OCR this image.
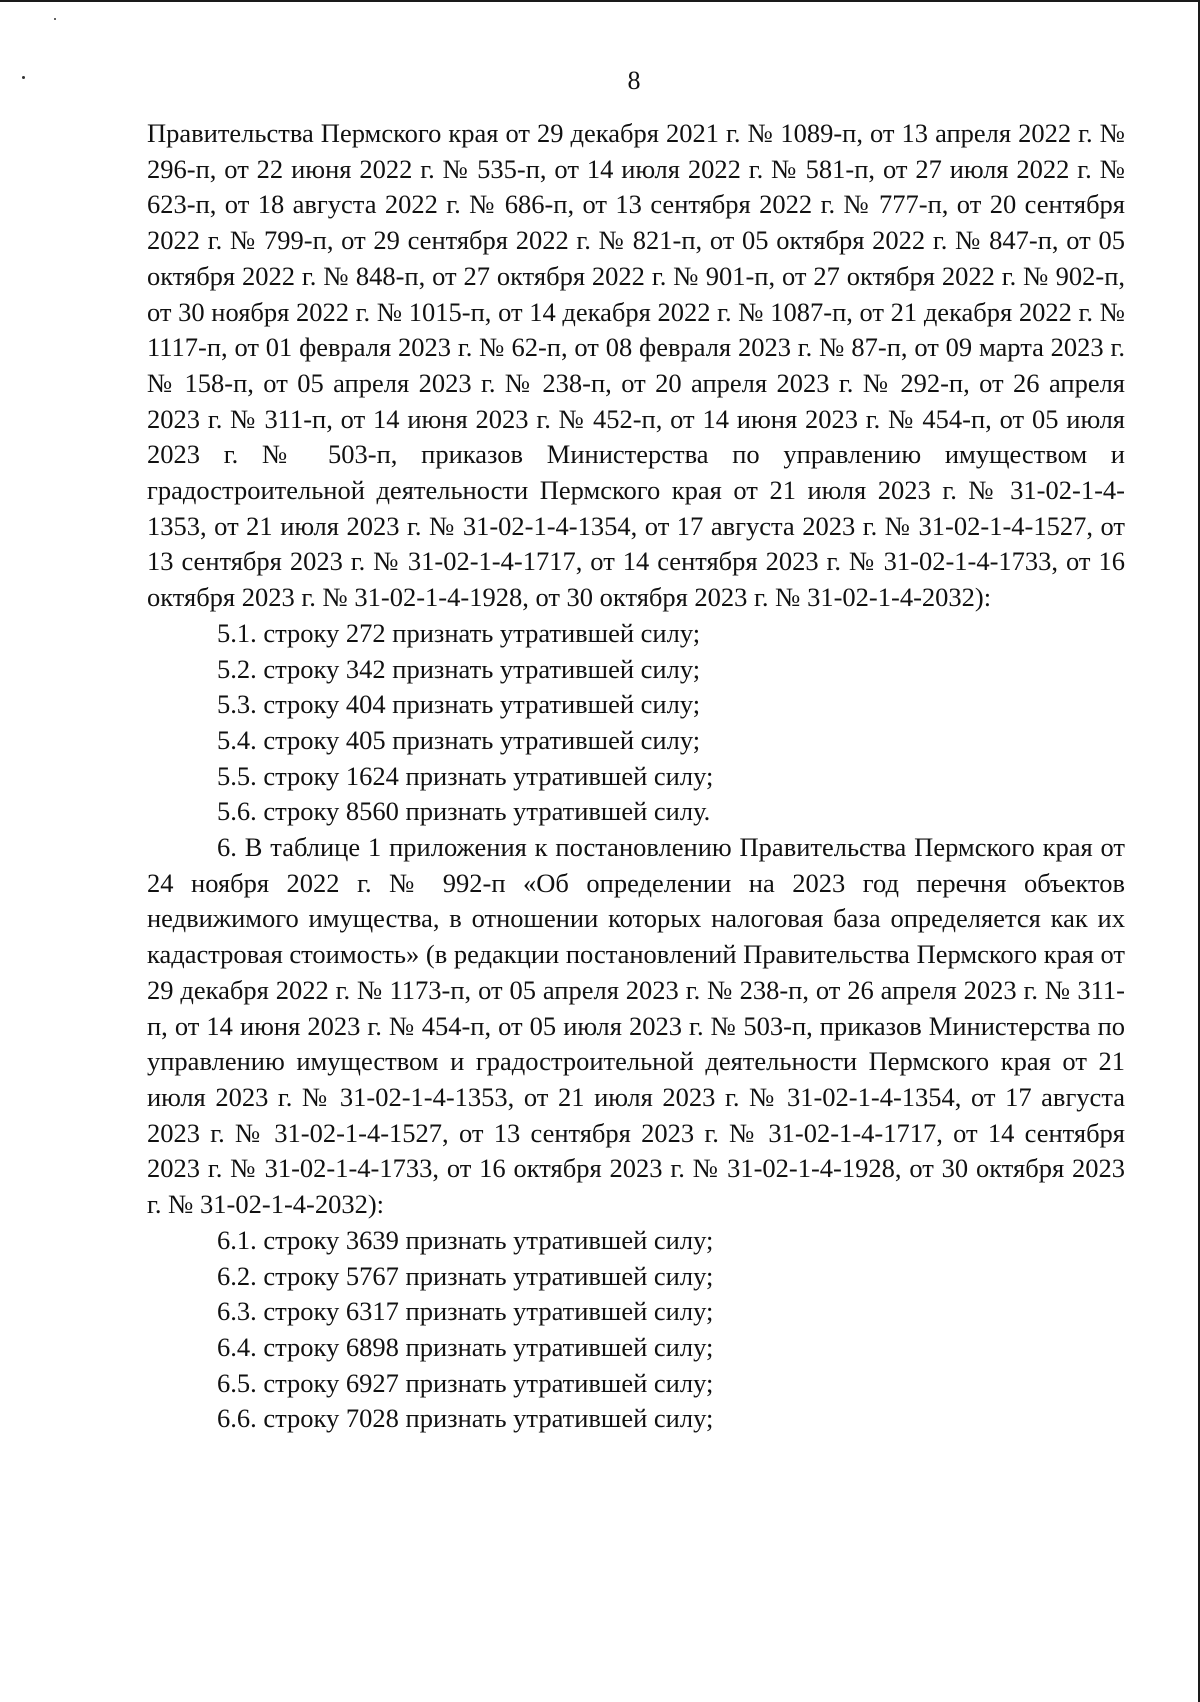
8

Правительства Пермского края от 29 декабря 2021 г. № 1089-п, от 13 апреля 2022 г. № 296-п, от 22 июня 2022 г. № 535-п, от 14 июля 2022 г. № 581-п, от 27 июля 2022 г. № 623-п, от 18 августа 2022 г. № 686-п, от 13 сентября 2022 г. № 777-п, от 20 сентября 2022 г. № 799-п, от 29 сентября 2022 г. № 821-п, от 05 октября 2022 г. № 847-п, от 05 октября 2022 г. № 848-п, от 27 октября 2022 г. № 901-п, от 27 октября 2022 г. № 902-п, от 30 ноября 2022 г. № 1015-п, от 14 декабря 2022 г. № 1087-п, от 21 декабря 2022 г. № 1117-п, от 01 февраля 2023 г. № 62-п, от 08 февраля 2023 г. № 87-п, от 09 марта 2023 г. № 158-п, от 05 апреля 2023 г. № 238-п, от 20 апреля 2023 г. № 292-п, от 26 апреля 2023 г. № 311-п, от 14 июня 2023 г. № 452-п, от 14 июня 2023 г. № 454-п, от 05 июля 2023 г. № 503-п, приказов Министерства по управлению имуществом и градостроительной деятельности Пермского края от 21 июля 2023 г. № 31-02-1-4-1353, от 21 июля 2023 г. № 31-02-1-4-1354, от 17 августа 2023 г. № 31-02-1-4-1527, от 13 сентября 2023 г. № 31-02-1-4-1717, от 14 сентября 2023 г. № 31-02-1-4-1733, от 16 октября 2023 г. № 31-02-1-4-1928, от 30 октября 2023 г. № 31-02-1-4-2032):

5.1. строку 272 признать утратившей силу;

5.2. строку 342 признать утратившей силу;

5.3. строку 404 признать утратившей силу;

5.4. строку 405 признать утратившей силу;

5.5. строку 1624 признать утратившей силу;

5.6. строку 8560 признать утратившей силу.

6. В таблице 1 приложения к постановлению Правительства Пермского края от 24 ноября 2022 г. № 992-п «Об определении на 2023 год перечня объектов недвижимого имущества, в отношении которых налоговая база определяется как их кадастровая стоимость» (в редакции постановлений Правительства Пермского края от 29 декабря 2022 г. № 1173-п, от 05 апреля 2023 г. № 238-п, от 26 апреля 2023 г. № 311-п, от 14 июня 2023 г. № 454-п, от 05 июля 2023 г. № 503-п, приказов Министерства по управлению имуществом и градостроительной деятельности Пермского края от 21 июля 2023 г. № 31-02-1-4-1353, от 21 июля 2023 г. № 31-02-1-4-1354, от 17 августа 2023 г. № 31-02-1-4-1527, от 13 сентября 2023 г. № 31-02-1-4-1717, от 14 сентября 2023 г. № 31-02-1-4-1733, от 16 октября 2023 г. № 31-02-1-4-1928, от 30 октября 2023 г. № 31-02-1-4-2032):

6.1. строку 3639 признать утратившей силу;

6.2. строку 5767 признать утратившей силу;

6.3. строку 6317 признать утратившей силу;

6.4. строку 6898 признать утратившей силу;

6.5. строку 6927 признать утратившей силу;

6.6. строку 7028 признать утратившей силу;
